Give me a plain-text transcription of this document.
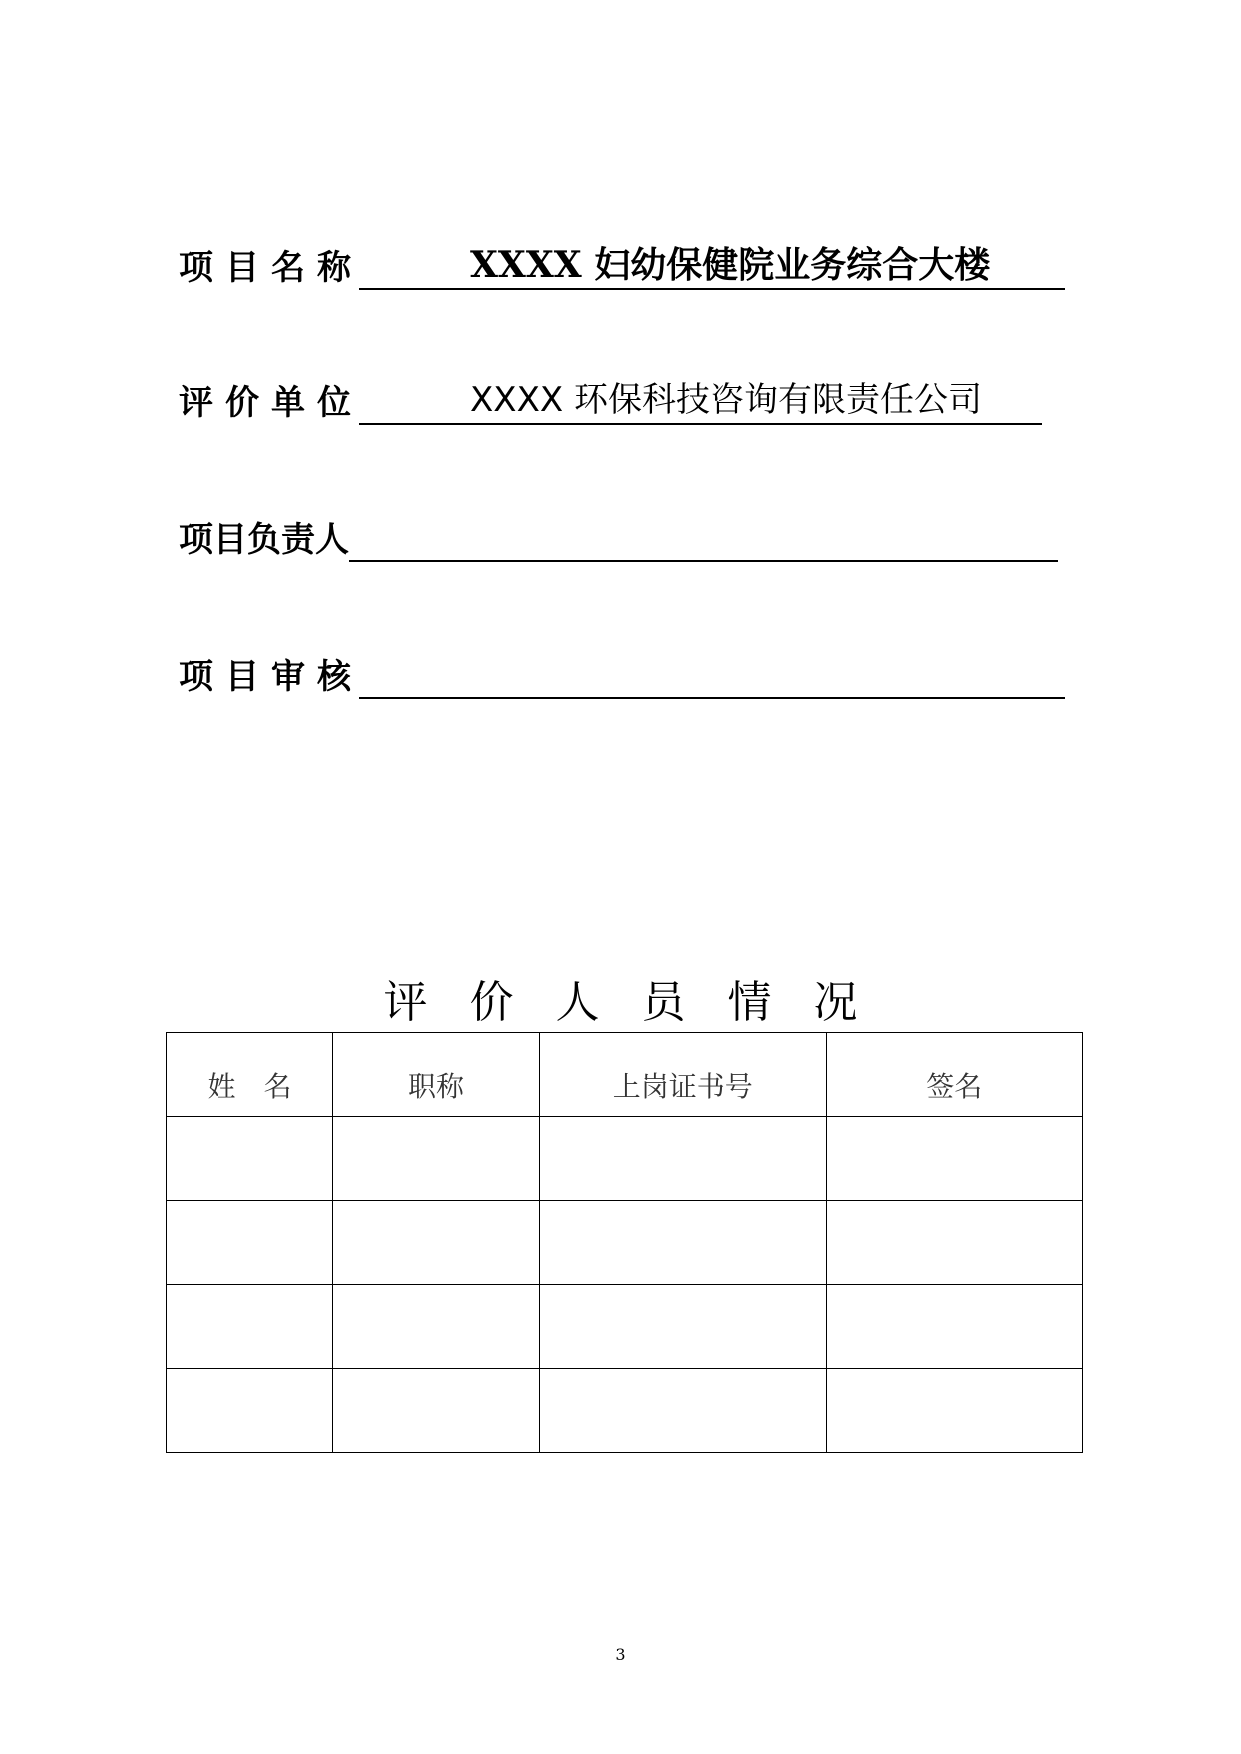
项目名称	XXXX 妇幼保健院业务综合大楼
评价单位	XXXX 环保科技咨询有限责任公司
项目负责人
项目审核
评价人员情况
姓　名	职称	上岗证书号	签名

3
